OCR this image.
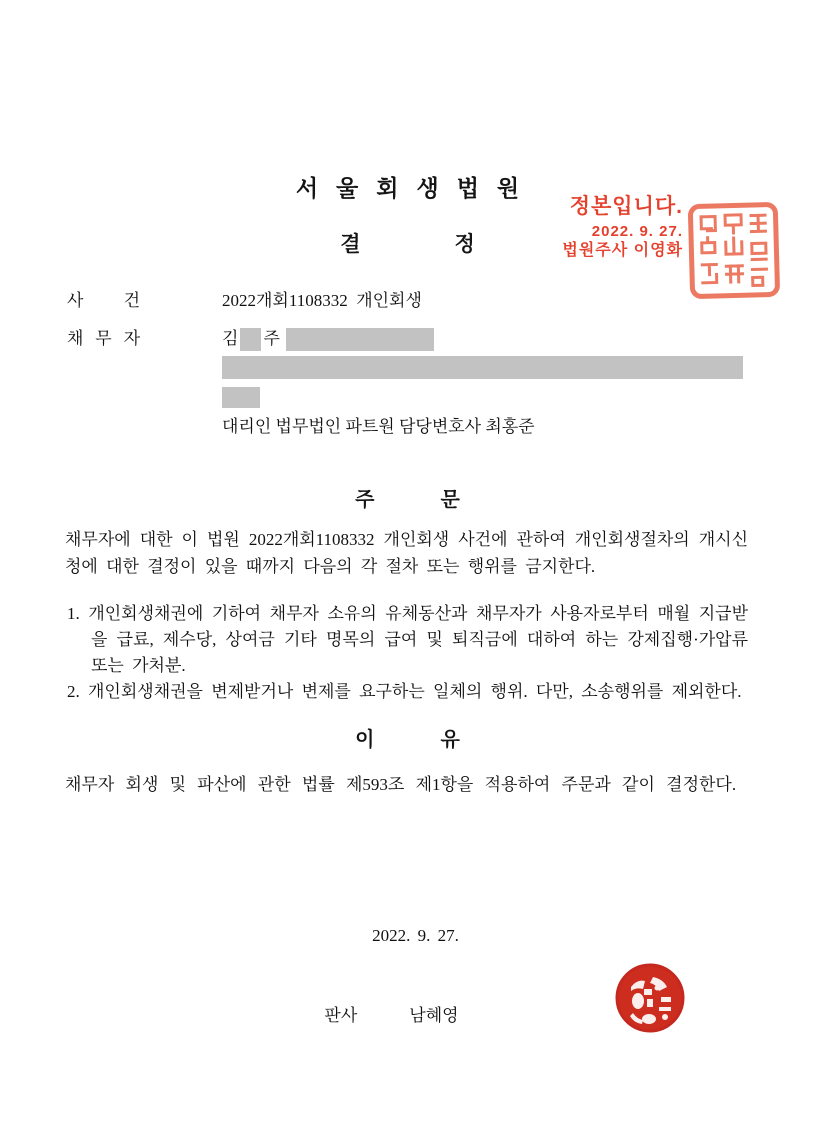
서울회생법원
결	정
정본입니다.
2022. 9. 27.
법원주사 이영화
사 건	2022개회1108332  개인회생
채 무 자	김 주

대리인 법무법인 파트원 담당변호사 최홍준
주	문

채무자에 대한 이 법원 2022개회1108332 개인회생 사건에 관하여 개인회생절차의 개시신청에 대한 결정이 있을 때까지 다음의 각 절차 또는 행위를 금지한다.

1. 개인회생채권에 기하여 채무자 소유의 유체동산과 채무자가 사용자로부터 매월 지급받을 급료, 제수당, 상여금 기타 명목의 급여 및 퇴직금에 대하여 하는 강제집행·가압류 또는 가처분.
2. 개인회생채권을 변제받거나 변제를 요구하는 일체의 행위. 다만, 소송행위를 제외한다.
이	유

채무자 회생 및 파산에 관한 법률 제593조 제1항을 적용하여 주문과 같이 결정한다.

2022. 9. 27.
판사	남혜영
